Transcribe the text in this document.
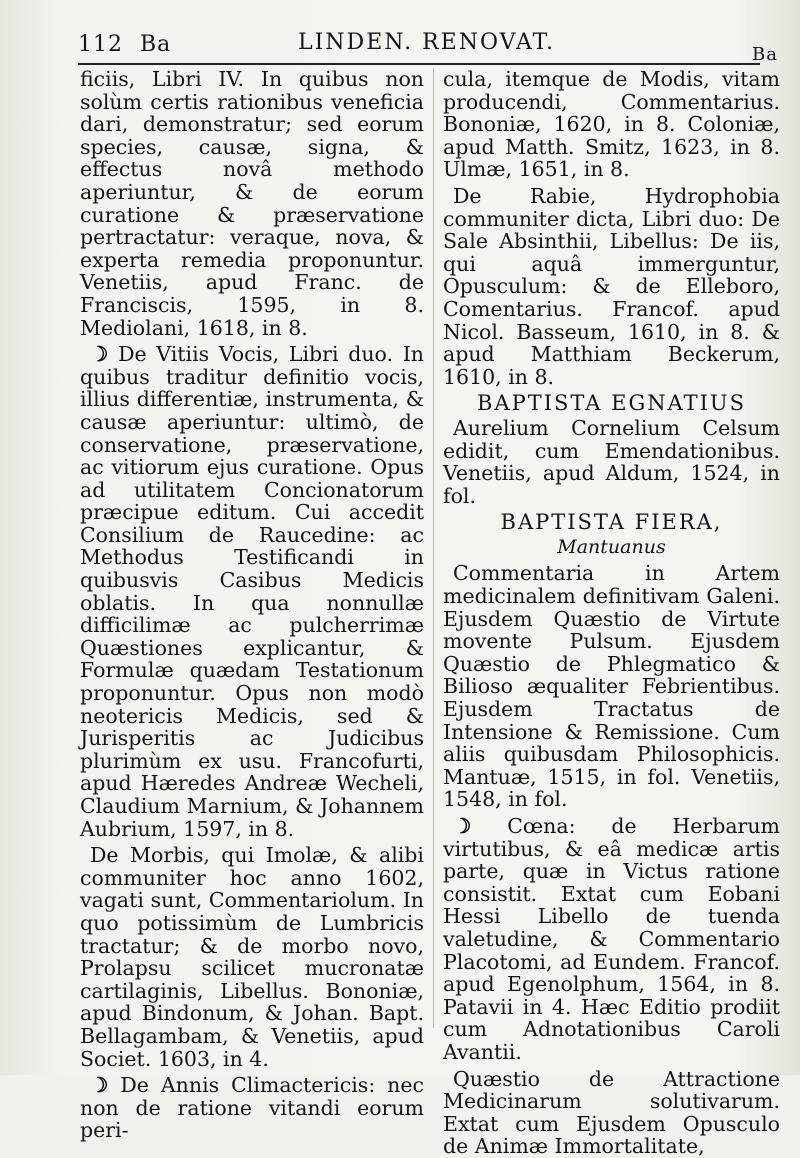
112 Ba	LINDEN. RENOVAT.	Ba

ficiis, Libri IV. In quibus non solùm certis rationibus veneficia dari, demonstratur; sed eorum species, causæ, signa, & effectus novâ methodo aperiuntur, & de eorum curatione & præservatione pertractatur: veraque, nova, & experta remedia proponuntur. Venetiis, apud Franc. de Franciscis, 1595, in 8. Mediolani, 1618, in 8.

☽ De Vitiis Vocis, Libri duo. In quibus traditur definitio vocis, illius differentiæ, instrumenta, & causæ aperiuntur: ultimò, de conservatione, præservatione, ac vitiorum ejus curatione. Opus ad utilitatem Concionatorum præcipue editum. Cui accedit Consilium de Raucedine: ac Methodus Testificandi in quibusvis Casibus Medicis oblatis. In qua nonnullæ difficilimæ ac pulcherrimæ Quæstiones explicantur, & Formulæ quædam Testationum proponuntur. Opus non modò neotericis Medicis, sed & Jurisperitis ac Judicibus plurimùm ex usu. Francofurti, apud Hæredes Andreæ Wecheli, Claudium Marnium, & Johannem Aubrium, 1597, in 8.

De Morbis, qui Imolæ, & alibi communiter hoc anno 1602, vagati sunt, Commentariolum. In quo potissimùm de Lumbricis tractatur; & de morbo novo, Prolapsu scilicet mucronatæ cartilaginis, Libellus. Bononiæ, apud Bindonum, & Johan. Bapt. Bellagambam, & Venetiis, apud Societ. 1603, in 4.

☽ De Annis Climactericis: nec non de ratione vitandi eorum peri-

cula, itemque de Modis, vitam producendi, Commentarius. Bononiæ, 1620, in 8. Coloniæ, apud Matth. Smitz, 1623, in 8. Ulmæ, 1651, in 8.

De Rabie, Hydrophobia communiter dicta, Libri duo: De Sale Absinthii, Libellus: De iis, qui aquâ immerguntur, Opusculum: & de Elleboro, Comentarius. Francof. apud Nicol. Basseum, 1610, in 8. & apud Matthiam Beckerum, 1610, in 8.

BAPTISTA EGNATIUS

Aurelium Cornelium Celsum edidit, cum Emendationibus. Venetiis, apud Aldum, 1524, in fol.

BAPTISTA FIERA,
Mantuanus

Commentaria in Artem medicinalem definitivam Galeni. Ejusdem Quæstio de Virtute movente Pulsum. Ejusdem Quæstio de Phlegmatico & Bilioso æqualiter Febrientibus. Ejusdem Tractatus de Intensione & Remissione. Cum aliis quibusdam Philosophicis. Mantuæ, 1515, in fol. Venetiis, 1548, in fol.

☽ Cœna: de Herbarum virtutibus, & eâ medicæ artis parte, quæ in Victus ratione consistit. Extat cum Eobani Hessi Libello de tuenda valetudine, & Commentario Placotomi, ad Eundem. Francof. apud Egenolphum, 1564, in 8. Patavii in 4. Hæc Editio prodiit cum Adnotationibus Caroli Avantii.

Quæstio de Attractione Medicinarum solutivarum. Extat cum Ejusdem Opusculo de Animæ Immortalitate,
